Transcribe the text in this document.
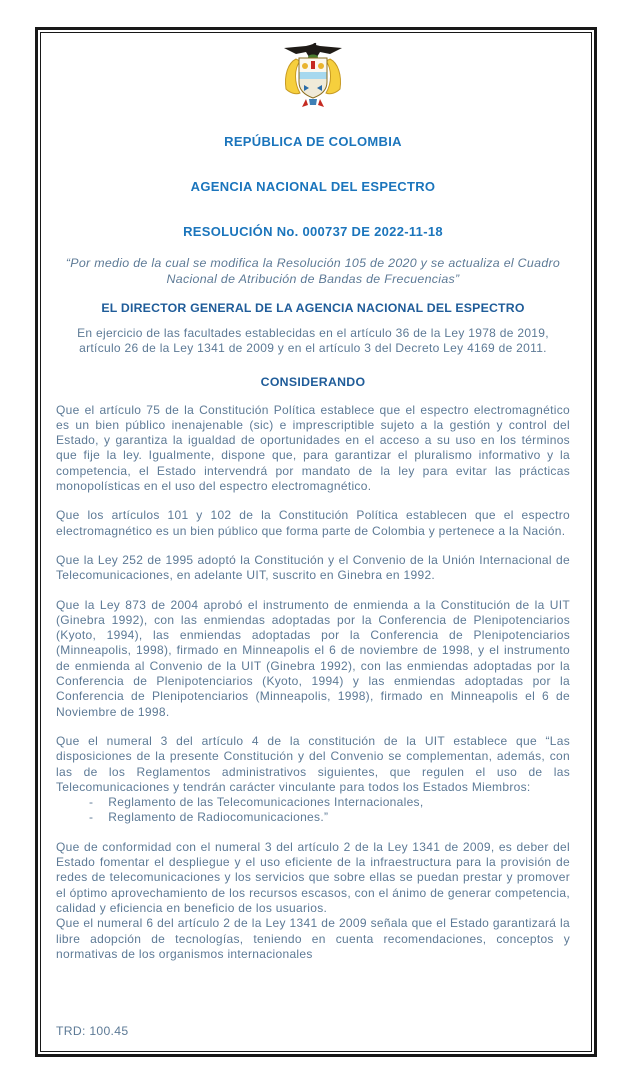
REPÚBLICA DE COLOMBIA
AGENCIA NACIONAL DEL ESPECTRO
RESOLUCIÓN No. 000737 DE 2022-11-18
“Por medio de la cual se modifica la Resolución 105 de 2020 y se actualiza el Cuadro Nacional de Atribución de Bandas de Frecuencias”
EL DIRECTOR GENERAL DE LA AGENCIA NACIONAL DEL ESPECTRO
En ejercicio de las facultades establecidas en el artículo 36 de la Ley 1978 de 2019, artículo 26 de la Ley 1341 de 2009 y en el artículo 3 del Decreto Ley 4169 de 2011.
CONSIDERANDO

Que el artículo 75 de la Constitución Política establece que el espectro electromagnético es un bien público inenajenable (sic) e imprescriptible sujeto a la gestión y control del Estado, y garantiza la igualdad de oportunidades en el acceso a su uso en los términos que fije la ley. Igualmente, dispone que, para garantizar el pluralismo informativo y la competencia, el Estado intervendrá por mandato de la ley para evitar las prácticas monopolísticas en el uso del espectro electromagnético.

Que los artículos 101 y 102 de la Constitución Política establecen que el espectro electromagnético es un bien público que forma parte de Colombia y pertenece a la Nación.

Que la Ley 252 de 1995 adoptó la Constitución y el Convenio de la Unión Internacional de Telecomunicaciones, en adelante UIT, suscrito en Ginebra en 1992.

Que la Ley 873 de 2004 aprobó el instrumento de enmienda a la Constitución de la UIT (Ginebra 1992), con las enmiendas adoptadas por la Conferencia de Plenipotenciarios (Kyoto, 1994), las enmiendas adoptadas por la Conferencia de Plenipotenciarios (Minneapolis, 1998), firmado en Minneapolis el 6 de noviembre de 1998, y el instrumento de enmienda al Convenio de la UIT (Ginebra 1992), con las enmiendas adoptadas por la Conferencia de Plenipotenciarios (Kyoto, 1994) y las enmiendas adoptadas por la Conferencia de Plenipotenciarios (Minneapolis, 1998), firmado en Minneapolis el 6 de Noviembre de 1998.

Que el numeral 3 del artículo 4 de la constitución de la UIT establece que “Las disposiciones de la presente Constitución y del Convenio se complementan, además, con las de los Reglamentos administrativos siguientes, que regulen el uso de las Telecomunicaciones y tendrán carácter vinculante para todos los Estados Miembros:

- Reglamento de las Telecomunicaciones Internacionales,
- Reglamento de Radiocomunicaciones.”

Que de conformidad con el numeral 3 del artículo 2 de la Ley 1341 de 2009, es deber del Estado fomentar el despliegue y el uso eficiente de la infraestructura para la provisión de redes de telecomunicaciones y los servicios que sobre ellas se puedan prestar y promover el óptimo aprovechamiento de los recursos escasos, con el ánimo de generar competencia, calidad y eficiencia en beneficio de los usuarios.

Que el numeral 6 del artículo 2 de la Ley 1341 de 2009 señala que el Estado garantizará la libre adopción de tecnologías, teniendo en cuenta recomendaciones, conceptos y normativas de los organismos internacionales

TRD: 100.45
